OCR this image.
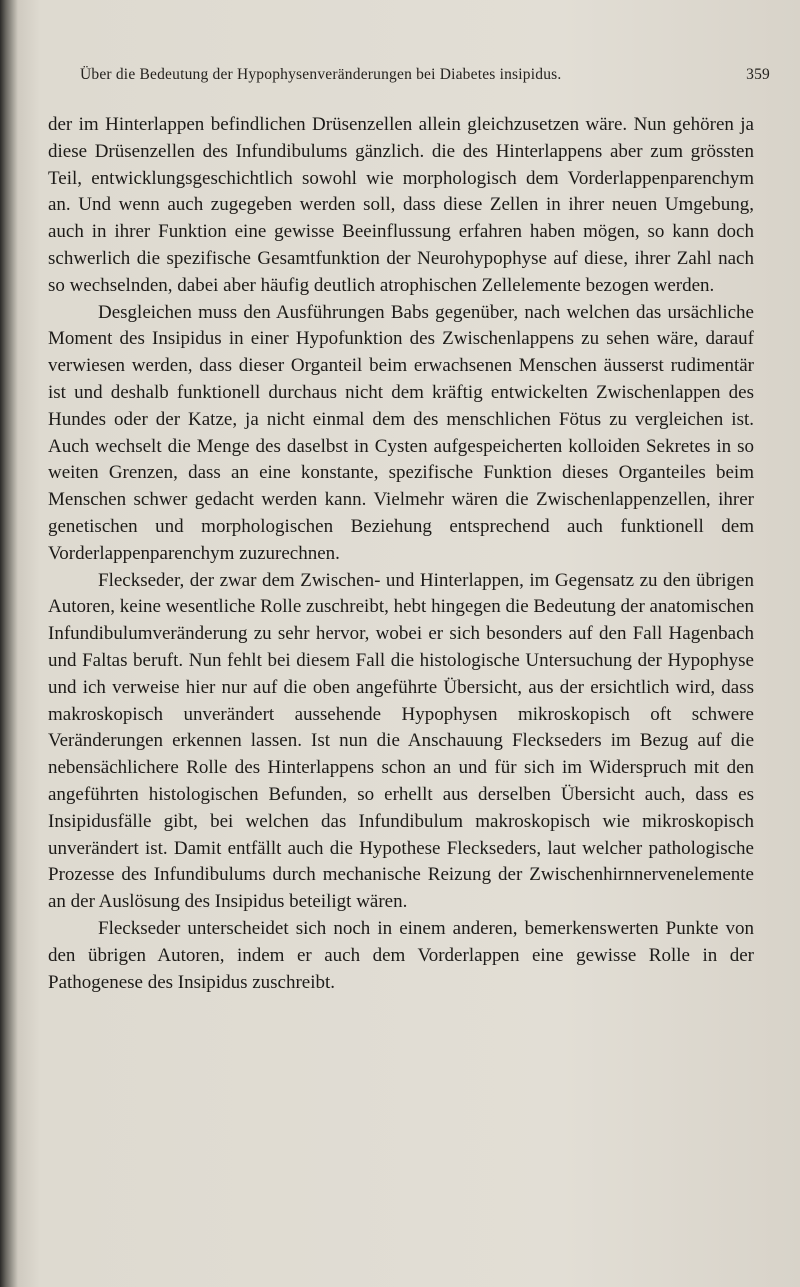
Über die Bedeutung der Hypophysenveränderungen bei Diabetes insipidus.	359

der im Hinterlappen befindlichen Drüsenzellen allein gleichzusetzen wäre. Nun gehören ja diese Drüsenzellen des Infundibulums gänzlich. die des Hinterlappens aber zum grössten Teil, entwicklungsgeschichtlich sowohl wie morphologisch dem Vorderlappenparenchym an. Und wenn auch zugegeben werden soll, dass diese Zellen in ihrer neuen Umgebung, auch in ihrer Funktion eine gewisse Beeinflussung erfahren haben mögen, so kann doch schwerlich die spezifische Gesamtfunktion der Neurohypophyse auf diese, ihrer Zahl nach so wechselnden, dabei aber häufig deutlich atrophischen Zellelemente bezogen werden.

Desgleichen muss den Ausführungen Babs gegenüber, nach welchen das ursächliche Moment des Insipidus in einer Hypofunktion des Zwischenlappens zu sehen wäre, darauf verwiesen werden, dass dieser Organteil beim erwachsenen Menschen äusserst rudimentär ist und deshalb funktionell durchaus nicht dem kräftig entwickelten Zwischenlappen des Hundes oder der Katze, ja nicht einmal dem des menschlichen Fötus zu vergleichen ist. Auch wechselt die Menge des daselbst in Cysten aufgespeicherten kolloiden Sekretes in so weiten Grenzen, dass an eine konstante, spezifische Funktion dieses Organteiles beim Menschen schwer gedacht werden kann. Vielmehr wären die Zwischenlappenzellen, ihrer genetischen und morphologischen Beziehung entsprechend auch funktionell dem Vorderlappenparenchym zuzurechnen.

Fleckseder, der zwar dem Zwischen- und Hinterlappen, im Gegensatz zu den übrigen Autoren, keine wesentliche Rolle zuschreibt, hebt hingegen die Bedeutung der anatomischen Infundibulumveränderung zu sehr hervor, wobei er sich besonders auf den Fall Hagenbach und Faltas beruft. Nun fehlt bei diesem Fall die histologische Untersuchung der Hypophyse und ich verweise hier nur auf die oben angeführte Übersicht, aus der ersichtlich wird, dass makroskopisch unverändert aussehende Hypophysen mikroskopisch oft schwere Veränderungen erkennen lassen. Ist nun die Anschauung Fleckseders im Bezug auf die nebensächlichere Rolle des Hinterlappens schon an und für sich im Widerspruch mit den angeführten histologischen Befunden, so erhellt aus derselben Übersicht auch, dass es Insipidusfälle gibt, bei welchen das Infundibulum makroskopisch wie mikroskopisch unverändert ist. Damit entfällt auch die Hypothese Fleckseders, laut welcher pathologische Prozesse des Infundibulums durch mechanische Reizung der Zwischenhirnnervenelemente an der Auslösung des Insipidus beteiligt wären.

Fleckseder unterscheidet sich noch in einem anderen, bemerkenswerten Punkte von den übrigen Autoren, indem er auch dem Vorderlappen eine gewisse Rolle in der Pathogenese des Insipidus zuschreibt.
